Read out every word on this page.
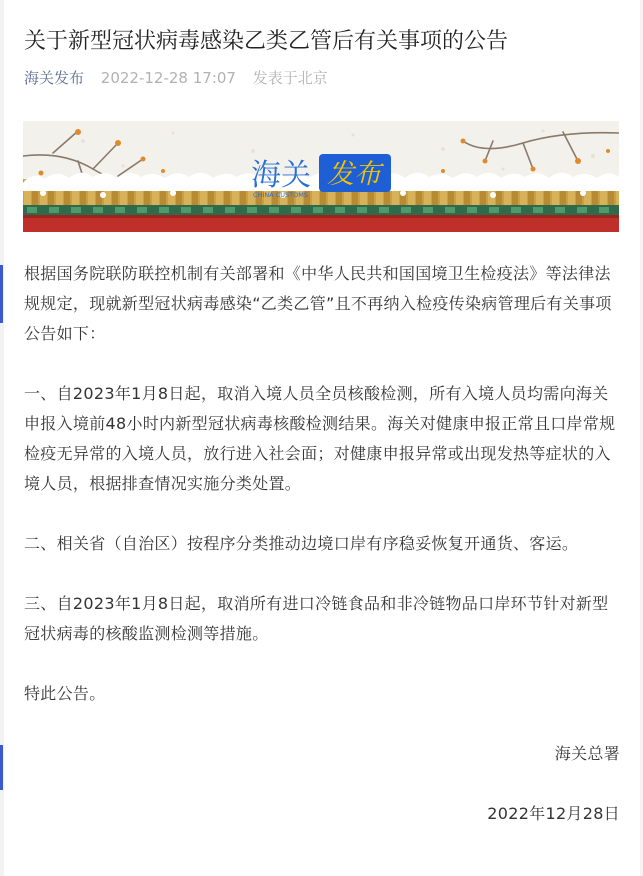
关于新型冠状病毒感染乙类乙管后有关事项的公告
海关发布 2022-12-28 17:07 发表于北京
海关
CHINA CUSTOMS
发布

根据国务院联防联控机制有关部署和《中华人民共和国国境卫生检疫法》等法律法规规定，现就新型冠状病毒感染“乙类乙管”且不再纳入检疫传染病管理后有关事项公告如下：

一、自2023年1月8日起，取消入境人员全员核酸检测，所有入境人员均需向海关申报入境前48小时内新型冠状病毒核酸检测结果。海关对健康申报正常且口岸常规检疫无异常的入境人员，放行进入社会面；对健康申报异常或出现发热等症状的入境人员，根据排查情况实施分类处置。

二、相关省（自治区）按程序分类推动边境口岸有序稳妥恢复开通货、客运。

三、自2023年1月8日起，取消所有进口冷链食品和非冷链物品口岸环节针对新型冠状病毒的核酸监测检测等措施。

特此公告。

海关总署

2022年12月28日
